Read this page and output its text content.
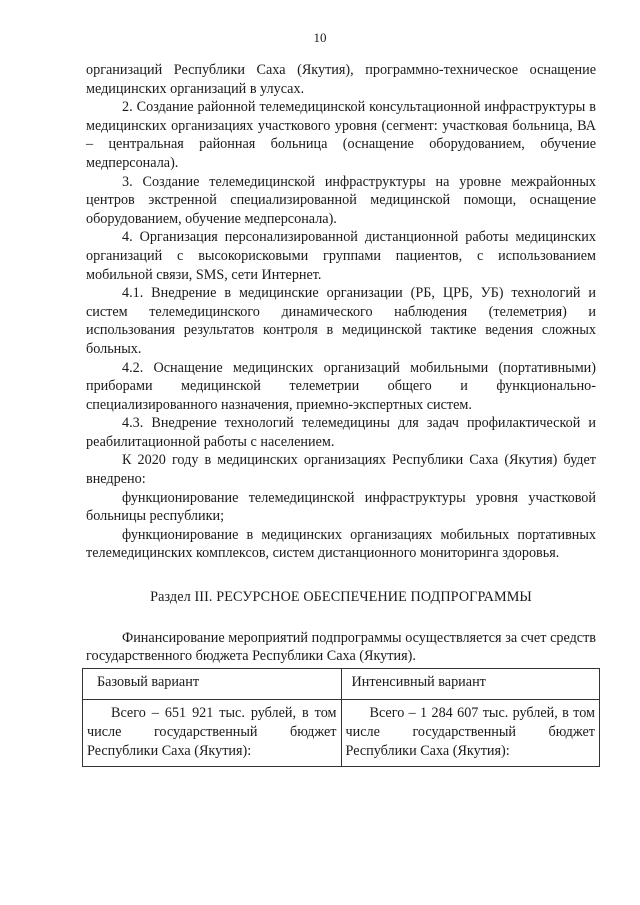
10

организаций Республики Саха (Якутия), программно-техническое оснащение медицинских организаций в улусах.

2. Создание районной телемедицинской консультационной инфраструктуры в медицинских организациях участкового уровня (сегмент: участковая больница, ВА – центральная районная больница (оснащение оборудованием, обучение медперсонала).

3. Создание телемедицинской инфраструктуры на уровне межрайонных центров экстренной специализированной медицинской помощи, оснащение оборудованием, обучение медперсонала).

4. Организация персонализированной дистанционной работы медицинских организаций с высокорисковыми группами пациентов, с использованием мобильной связи, SMS, сети Интернет.

4.1. Внедрение в медицинские организации (РБ, ЦРБ, УБ) технологий и систем телемедицинского динамического наблюдения (телеметрия) и использования результатов контроля в медицинской тактике ведения сложных больных.

4.2. Оснащение медицинских организаций мобильными (портативными) приборами медицинской телеметрии общего и функционально-специализированного назначения, приемно-экспертных систем.

4.3. Внедрение технологий телемедицины для задач профилактической и реабилитационной работы с населением.

К 2020 году в медицинских организациях Республики Саха (Якутия) будет внедрено:

функционирование телемедицинской инфраструктуры уровня участковой больницы республики;

функционирование в медицинских организациях мобильных портативных телемедицинских комплексов, систем дистанционного мониторинга здоровья.

Раздел III. РЕСУРСНОЕ ОБЕСПЕЧЕНИЕ ПОДПРОГРАММЫ

Финансирование мероприятий подпрограммы осуществляется за счет средств государственного бюджета Республики Саха (Якутия).

Базовый вариант	Интенсивный вариант
Всего – 651 921 тыс. рублей, в том числе государственный бюджет Республики Саха (Якутия):	Всего – 1 284 607 тыс. рублей, в том числе государственный бюджет Республики Саха (Якутия):
